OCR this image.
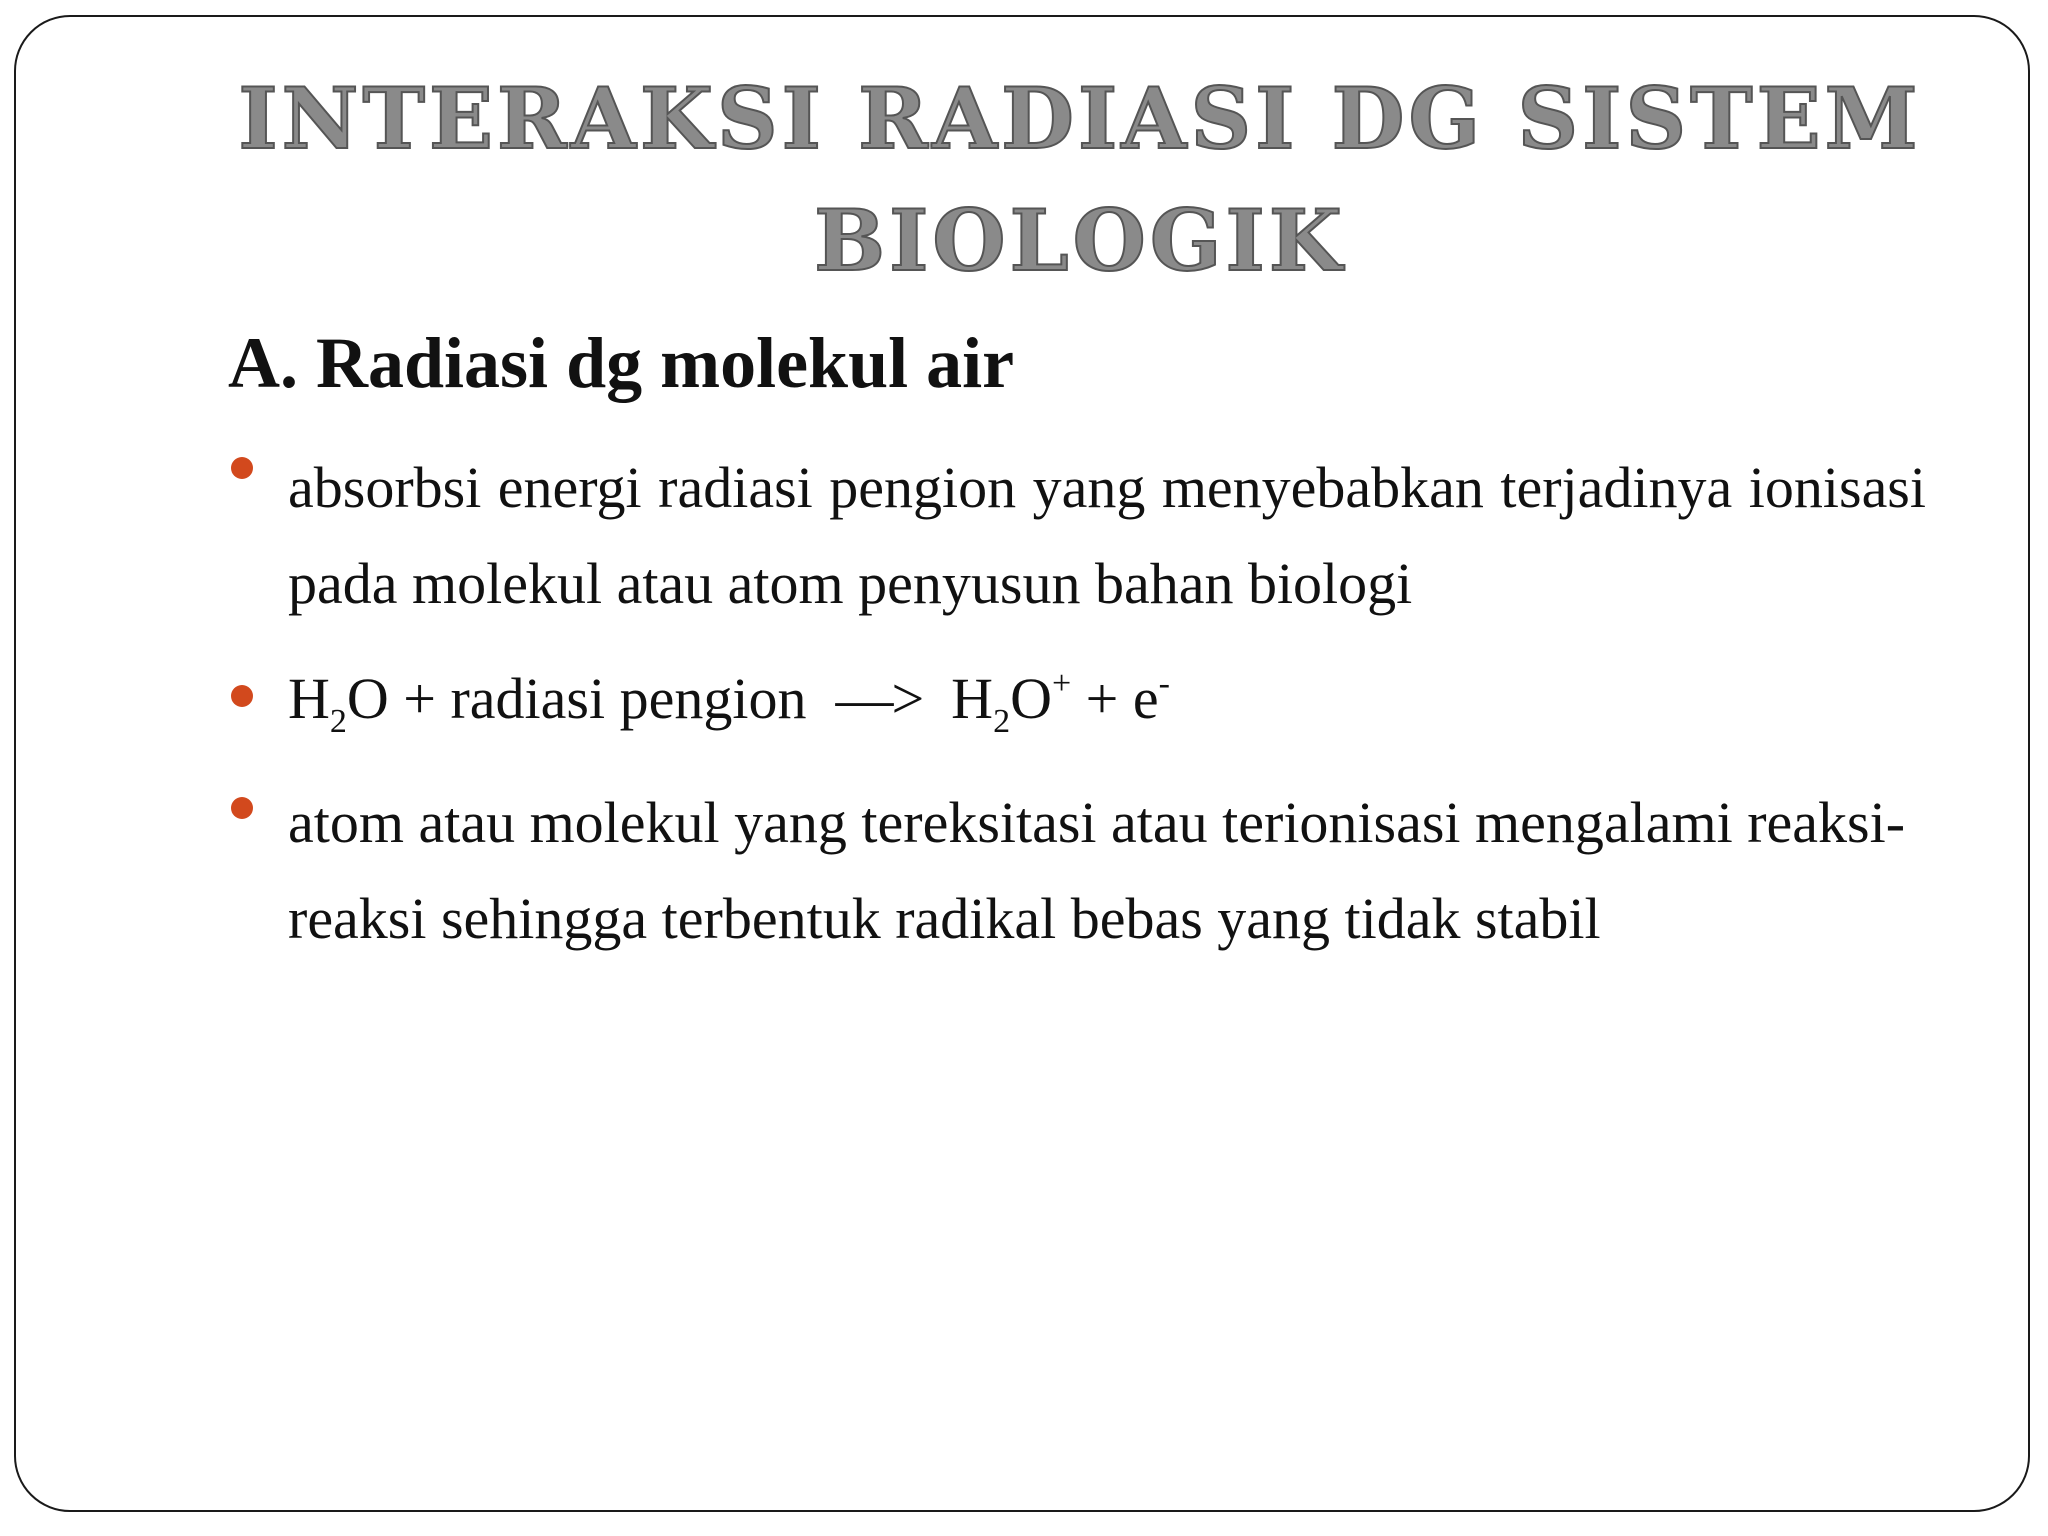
INTERAKSI RADIASI DG SISTEM BIOLOGIK
A. Radiasi dg molekul air
absorbsi energi radiasi pengion yang menyebabkan terjadinya ionisasi pada molekul atau atom penyusun bahan biologi
$H_2O$ + radiasi pengion  —> $H_2O^+ + e^-$
atom atau molekul yang tereksitasi atau terionisasi mengalami reaksi-reaksi sehingga terbentuk radikal bebas yang tidak stabil
